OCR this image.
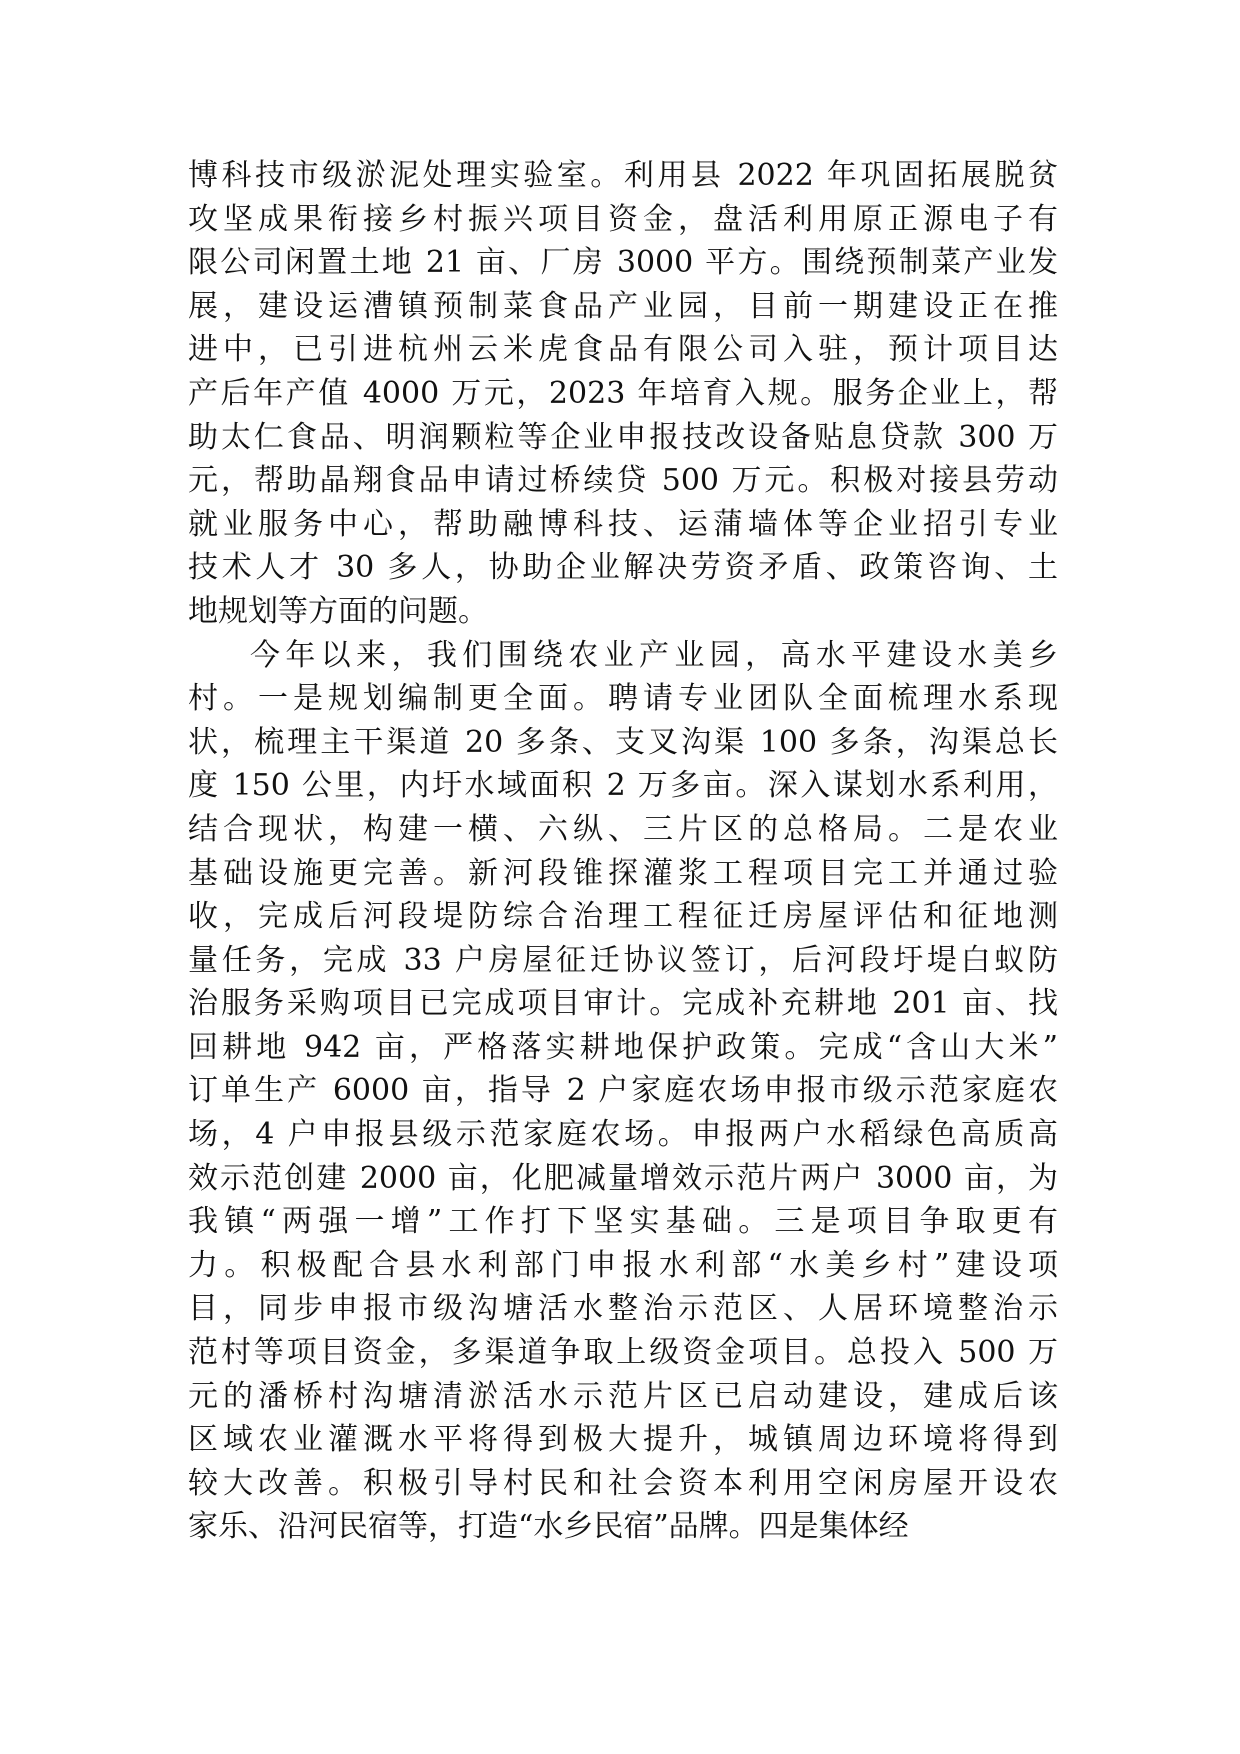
博科技市级淤泥处理实验室。利用县 2022 年巩固拓展脱贫
攻坚成果衔接乡村振兴项目资金，盘活利用原正源电子有
限公司闲置土地 21 亩、厂房 3000 平方。围绕预制菜产业发
展，建设运漕镇预制菜食品产业园，目前一期建设正在推
进中，已引进杭州云米虎食品有限公司入驻，预计项目达
产后年产值 4000 万元，2023 年培育入规。服务企业上，帮
助太仁食品、明润颗粒等企业申报技改设备贴息贷款 300 万
元，帮助晶翔食品申请过桥续贷 500 万元。积极对接县劳动
就业服务中心，帮助融博科技、运蒲墙体等企业招引专业
技术人才 30 多人，协助企业解决劳资矛盾、政策咨询、土
地规划等方面的问题。
今年以来，我们围绕农业产业园，高水平建设水美乡
村。一是规划编制更全面。聘请专业团队全面梳理水系现
状，梳理主干渠道 20 多条、支叉沟渠 100 多条，沟渠总长
度 150 公里，内圩水域面积 2 万多亩。深入谋划水系利用，
结合现状，构建一横、六纵、三片区的总格局。二是农业
基础设施更完善。新河段锥探灌浆工程项目完工并通过验
收，完成后河段堤防综合治理工程征迁房屋评估和征地测
量任务，完成 33 户房屋征迁协议签订，后河段圩堤白蚁防
治服务采购项目已完成项目审计。完成补充耕地 201 亩、找
回耕地 942 亩，严格落实耕地保护政策。完成“含山大米”
订单生产 6000 亩，指导 2 户家庭农场申报市级示范家庭农
场，4 户申报县级示范家庭农场。申报两户水稻绿色高质高
效示范创建 2000 亩，化肥减量增效示范片两户 3000 亩，为
我镇“两强一增”工作打下坚实基础。三是项目争取更有
力。积极配合县水利部门申报水利部“水美乡村”建设项
目，同步申报市级沟塘活水整治示范区、人居环境整治示
范村等项目资金，多渠道争取上级资金项目。总投入 500 万
元的潘桥村沟塘清淤活水示范片区已启动建设，建成后该
区域农业灌溉水平将得到极大提升，城镇周边环境将得到
较大改善。积极引导村民和社会资本利用空闲房屋开设农
家乐、沿河民宿等，打造“水乡民宿”品牌。四是集体经
